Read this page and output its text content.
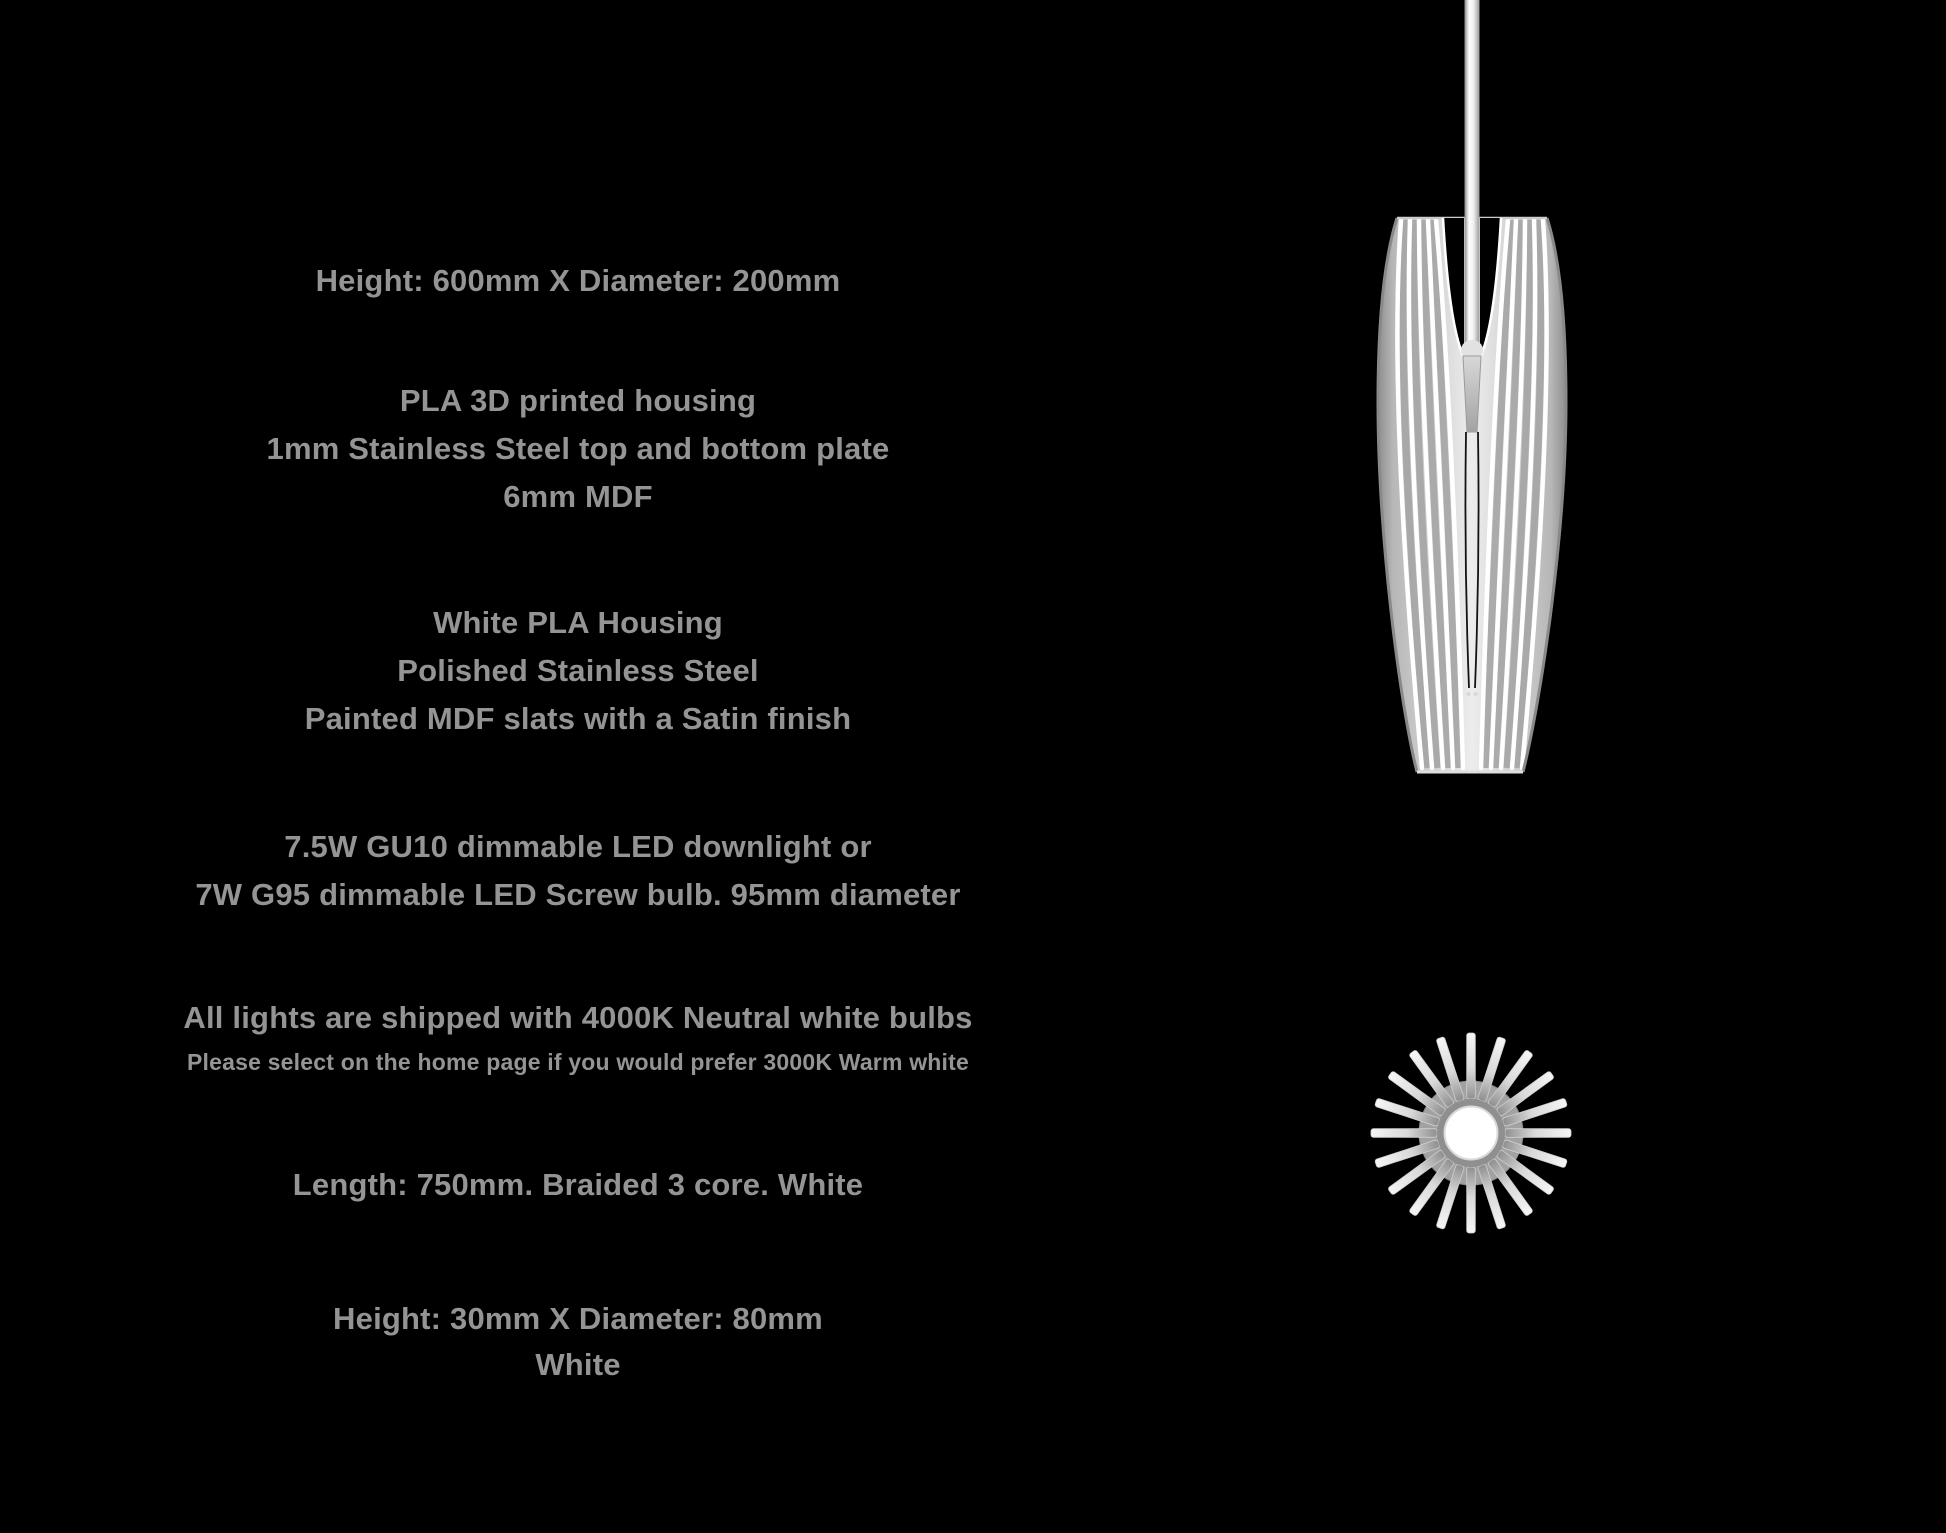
Height: 600mm X Diameter: 200mm

PLA 3D printed housing

1mm Stainless Steel top and bottom plate

6mm MDF

White PLA Housing

Polished Stainless Steel

Painted MDF slats with a Satin finish

7.5W GU10 dimmable LED downlight or

7W G95 dimmable LED Screw bulb. 95mm diameter

All lights are shipped with 4000K Neutral white bulbs

Please select on the home page if you would prefer 3000K Warm white

Length: 750mm. Braided 3 core. White

Height: 30mm X Diameter: 80mm

White
